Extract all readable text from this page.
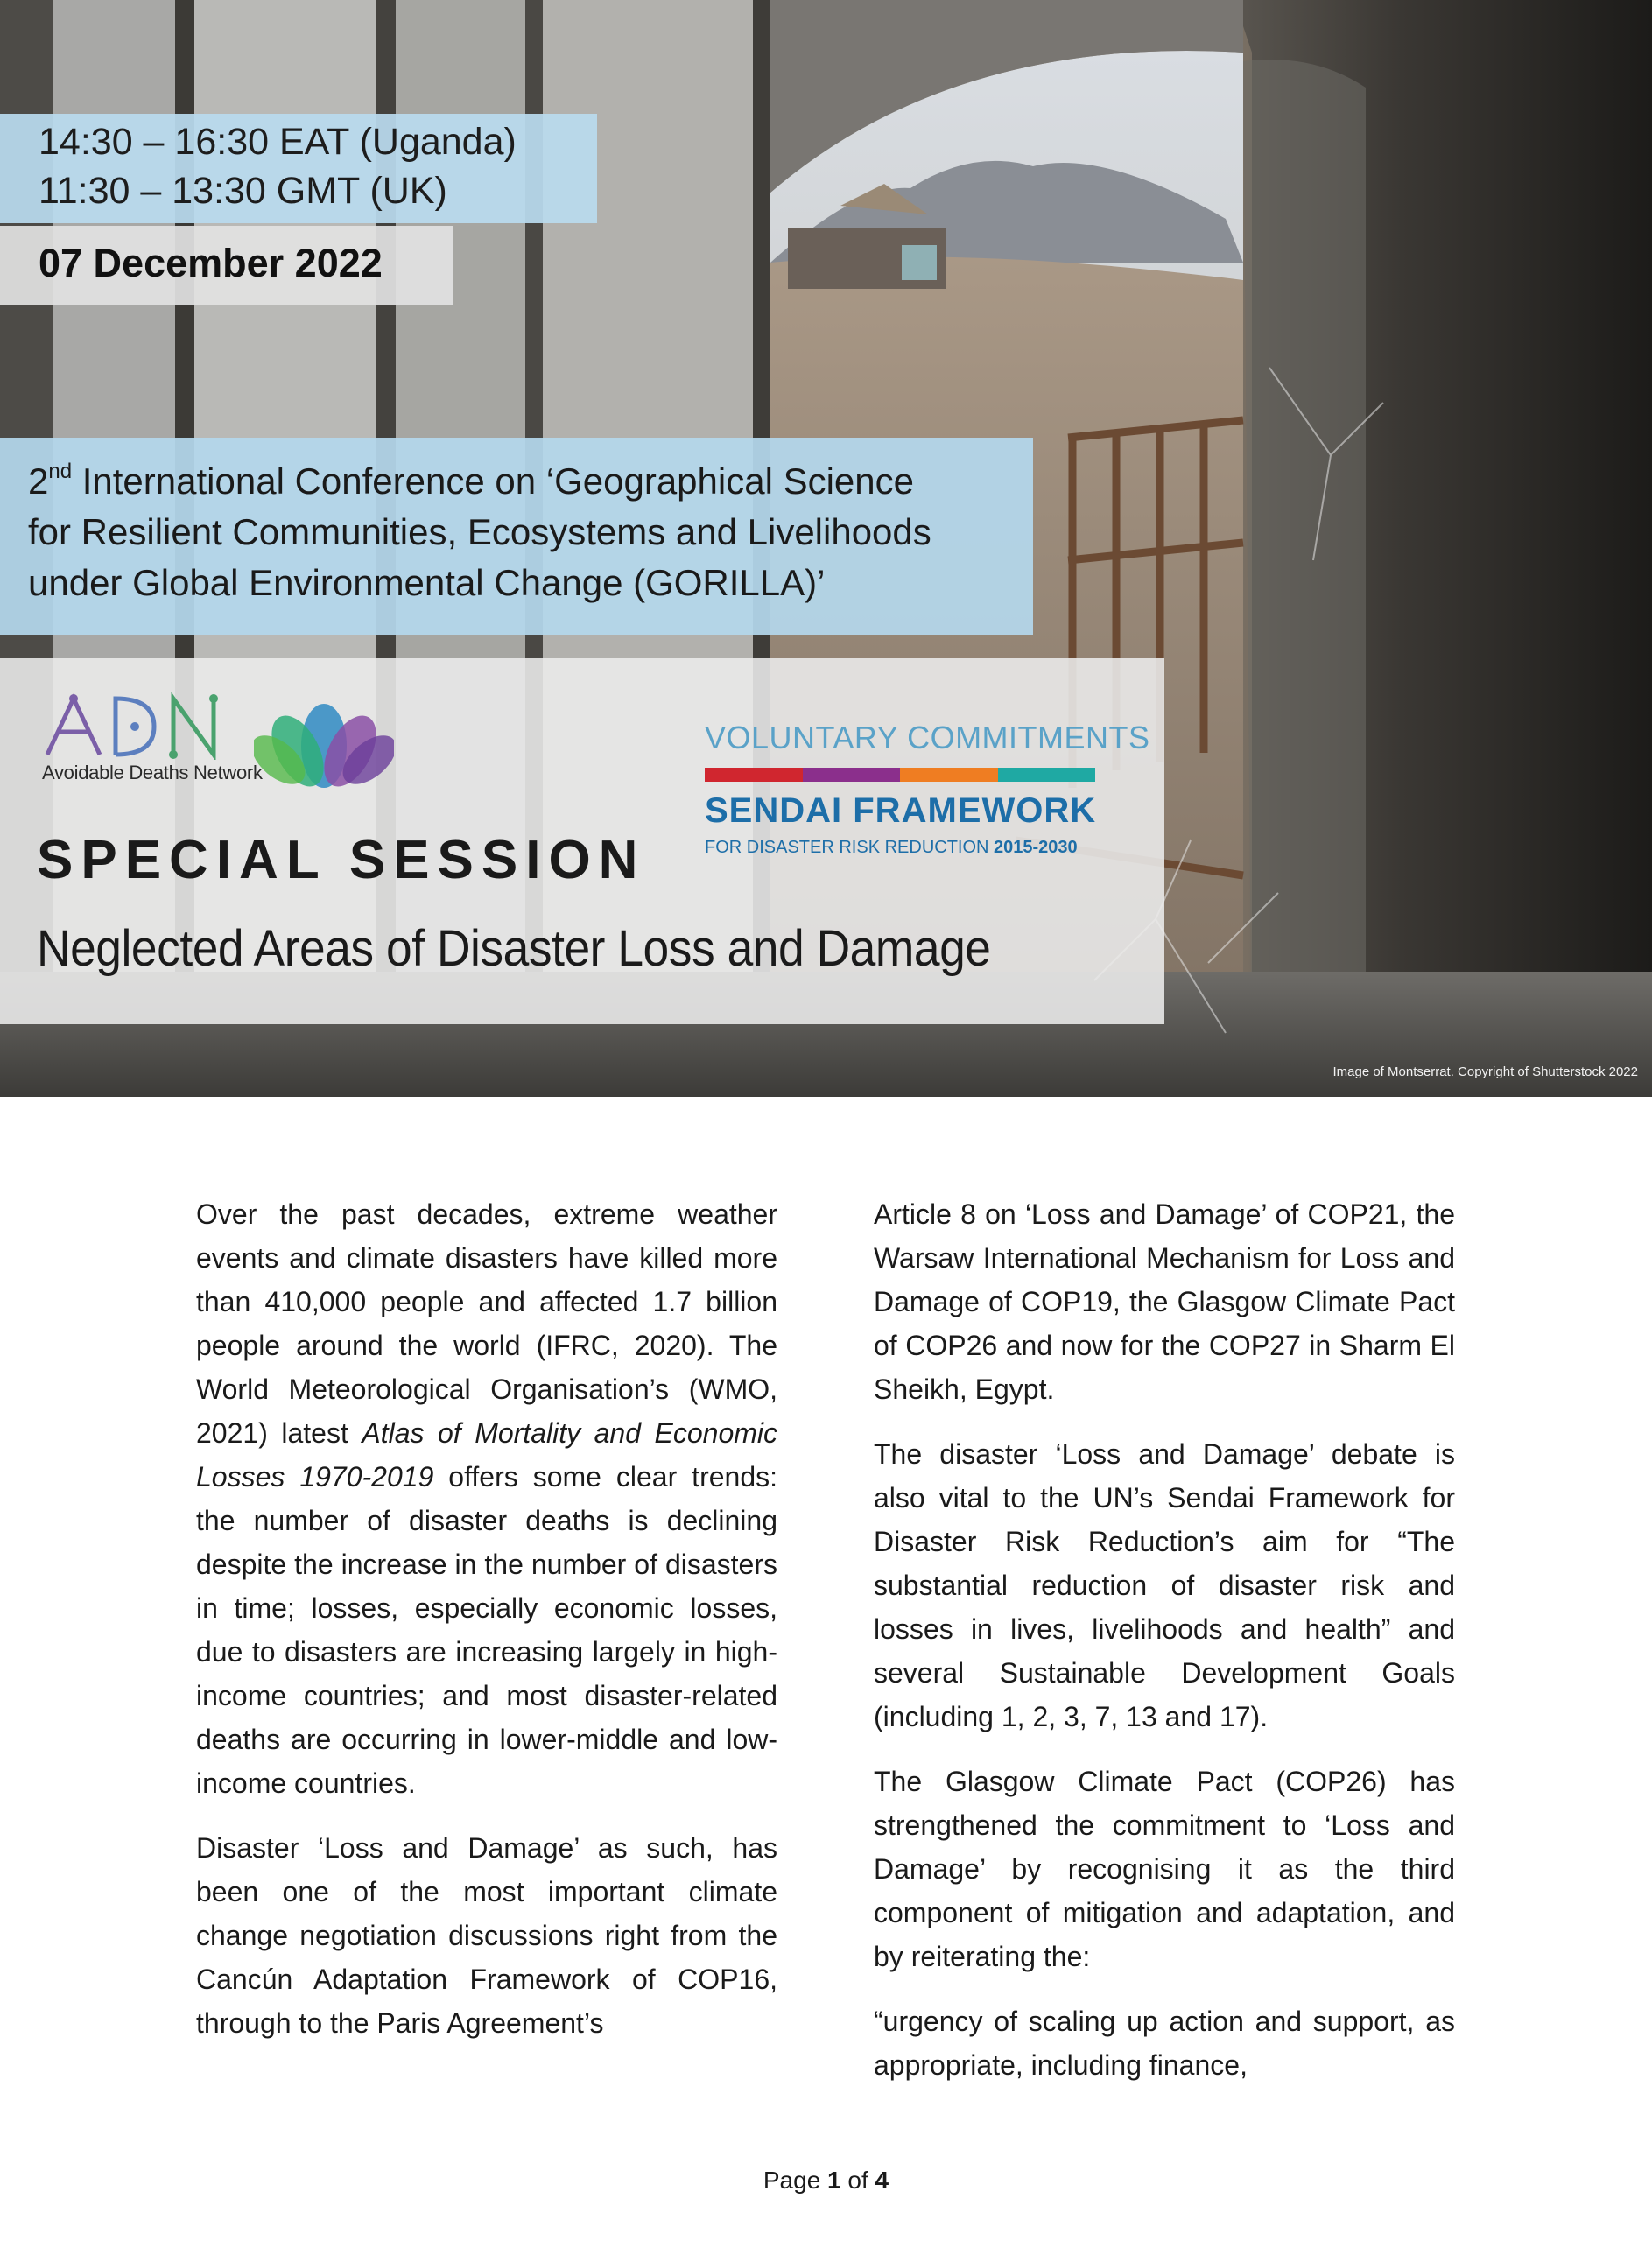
14:30 – 16:30 EAT (Uganda)
11:30 – 13:30 GMT (UK)
07 December 2022
2nd International Conference on ‘Geographical Science
for Resilient Communities, Ecosystems and Livelihoods
under Global Environmental Change (GORILLA)’
ADN
Avoidable Deaths Network
VOLUNTARY COMMITMENTS
SENDAI FRAMEWORK
FOR DISASTER RISK REDUCTION 2015-2030
SPECIAL SESSION
Neglected Areas of Disaster Loss and Damage
Image of Montserrat. Copyright of Shutterstock 2022

Over the past decades, extreme weather events and climate disasters have killed more than 410,000 people and affected 1.7 billion people around the world (IFRC, 2020). The World Meteorological Organisation’s (WMO, 2021) latest Atlas of Mortality and Economic Losses 1970-2019 offers some clear trends: the number of disaster deaths is declining despite the increase in the number of disasters in time; losses, especially economic losses, due to disasters are increasing largely in high-income countries; and most disaster-related deaths are occurring in lower-middle and low-income countries.

Disaster ‘Loss and Damage’ as such, has been one of the most important climate change negotiation discussions right from the Cancún Adaptation Framework of COP16, through to the Paris Agreement’s

Article 8 on ‘Loss and Damage’ of COP21, the Warsaw International Mechanism for Loss and Damage of COP19, the Glasgow Climate Pact of COP26 and now for the COP27 in Sharm El Sheikh, Egypt.

The disaster ‘Loss and Damage’ debate is also vital to the UN’s Sendai Framework for Disaster Risk Reduction’s aim for “The substantial reduction of disaster risk and losses in lives, livelihoods and health” and several Sustainable Development Goals (including 1, 2, 3, 7, 13 and 17).

The Glasgow Climate Pact (COP26) has strengthened the commitment to ‘Loss and Damage’ by recognising it as the third component of mitigation and adaptation, and by reiterating the:

“urgency of scaling up action and support, as appropriate, including finance,

Page 1 of 4
